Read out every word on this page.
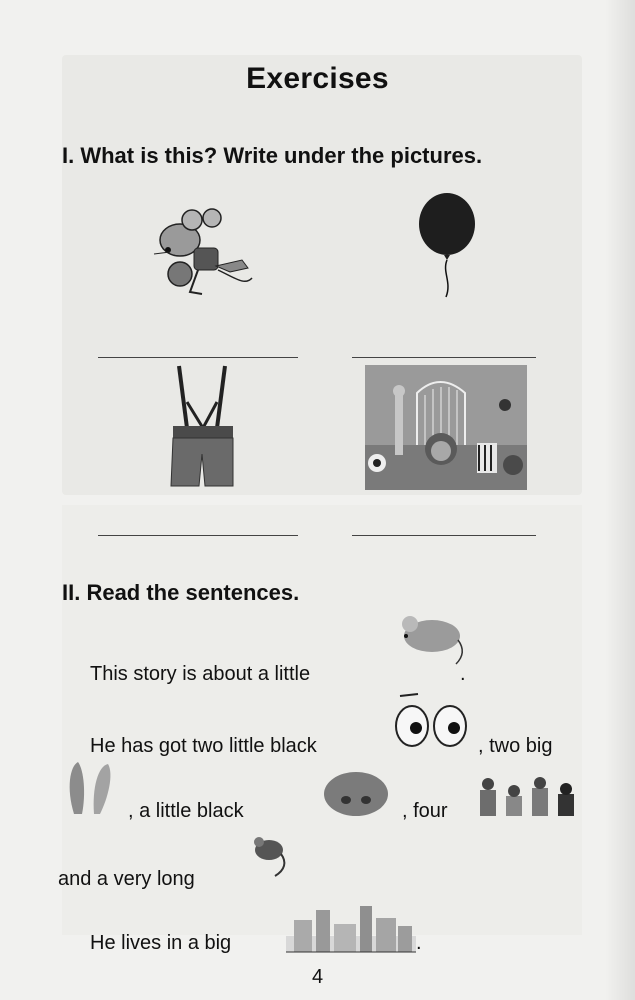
Exercises
I. What is this? Write under the pictures.
II. Read the sentences.
This story is about a little	.
He has got two little black	, two big
, a little black	, four
and a very long
He lives in a big	.
4
